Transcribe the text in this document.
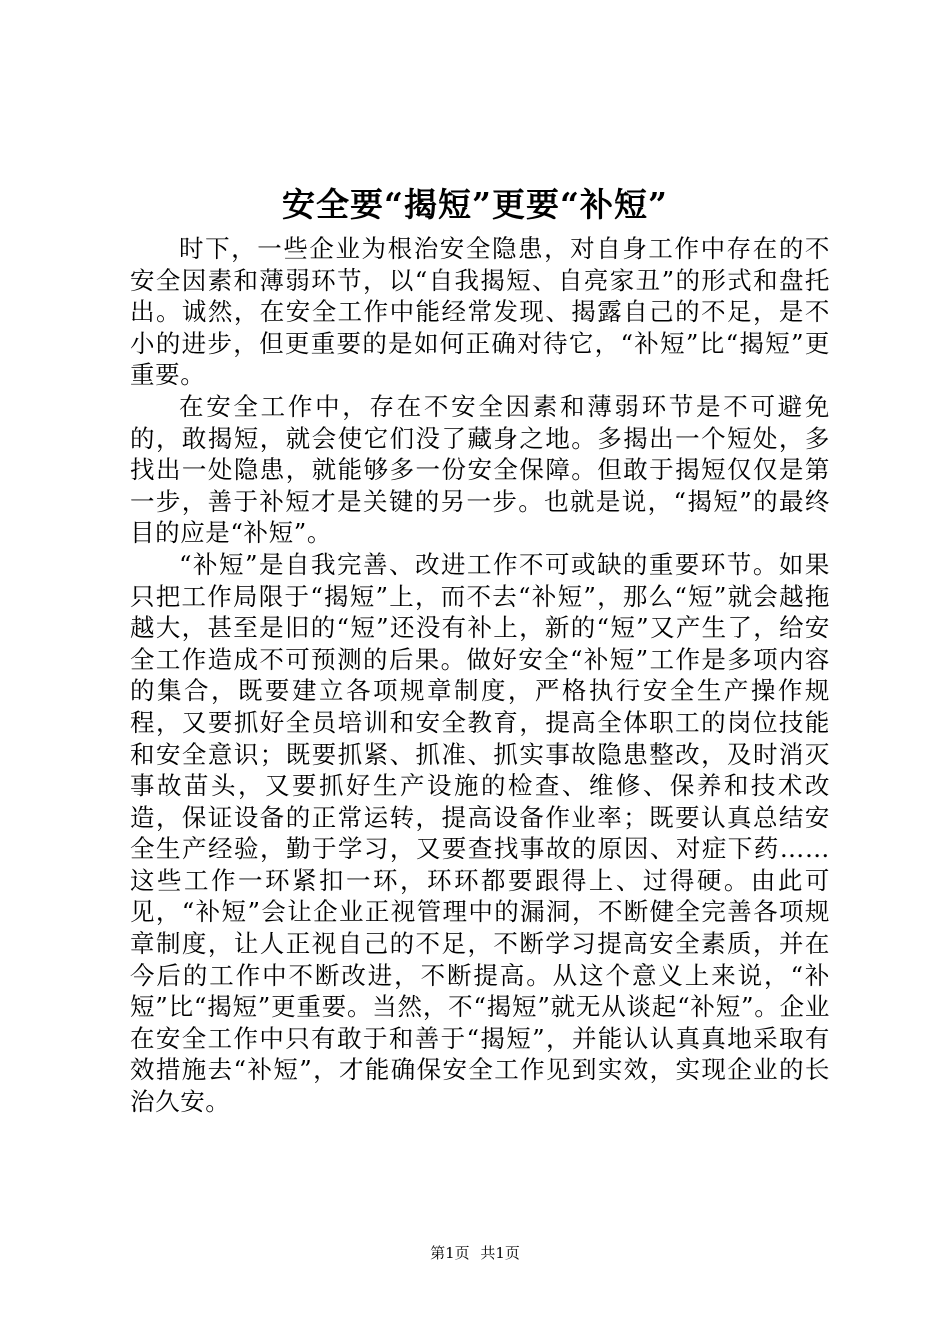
安全要“揭短”更要“补短”

时下，一些企业为根治安全隐患，对自身工作中存在的不安全因素和薄弱环节，以“自我揭短、自亮家丑”的形式和盘托出。诚然，在安全工作中能经常发现、揭露自己的不足，是不小的进步，但更重要的是如何正确对待它，“补短”比“揭短”更重要。

在安全工作中，存在不安全因素和薄弱环节是不可避免的，敢揭短，就会使它们没了藏身之地。多揭出一个短处，多找出一处隐患，就能够多一份安全保障。但敢于揭短仅仅是第一步，善于补短才是关键的另一步。也就是说，“揭短”的最终目的应是“补短”。

“补短”是自我完善、改进工作不可或缺的重要环节。如果只把工作局限于“揭短”上，而不去“补短”，那么“短”就会越拖越大，甚至是旧的“短”还没有补上，新的“短”又产生了，给安全工作造成不可预测的后果。做好安全“补短”工作是多项内容的集合，既要建立各项规章制度，严格执行安全生产操作规程，又要抓好全员培训和安全教育，提高全体职工的岗位技能和安全意识；既要抓紧、抓准、抓实事故隐患整改，及时消灭事故苗头，又要抓好生产设施的检查、维修、保养和技术改造，保证设备的正常运转，提高设备作业率；既要认真总结安全生产经验，勤于学习，又要查找事故的原因、对症下药……这些工作一环紧扣一环，环环都要跟得上、过得硬。由此可见，“补短”会让企业正视管理中的漏洞，不断健全完善各项规章制度，让人正视自己的不足，不断学习提高安全素质，并在今后的工作中不断改进，不断提高。从这个意义上来说，“补短”比“揭短”更重要。当然，不“揭短”就无从谈起“补短”。企业在安全工作中只有敢于和善于“揭短”，并能认认真真地采取有效措施去“补短”，才能确保安全工作见到实效，实现企业的长治久安。

第1页 共1页
